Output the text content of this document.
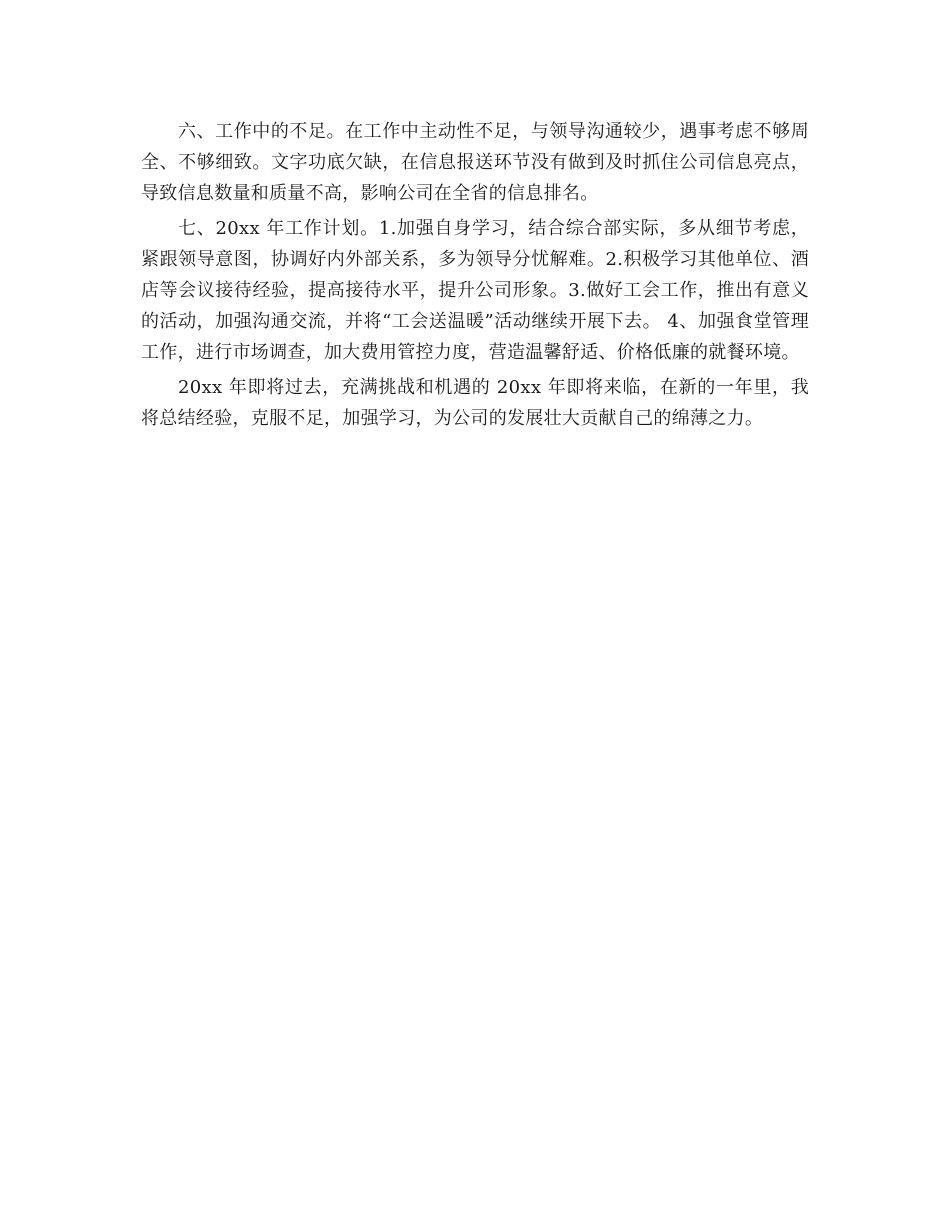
六、工作中的不足。在工作中主动性不足，与领导沟通较少，遇事考虑不够周全、不够细致。文字功底欠缺，在信息报送环节没有做到及时抓住公司信息亮点，导致信息数量和质量不高，影响公司在全省的信息排名。

七、20xx 年工作计划。1.加强自身学习，结合综合部实际，多从细节考虑，紧跟领导意图，协调好内外部关系，多为领导分忧解难。2.积极学习其他单位、酒店等会议接待经验，提高接待水平，提升公司形象。3.做好工会工作，推出有意义的活动，加强沟通交流，并将“工会送温暖”活动继续开展下去。 4、加强食堂管理工作，进行市场调查，加大费用管控力度，营造温馨舒适、价格低廉的就餐环境。

20xx 年即将过去，充满挑战和机遇的 20xx 年即将来临，在新的一年里，我将总结经验，克服不足，加强学习，为公司的发展壮大贡献自己的绵薄之力。
